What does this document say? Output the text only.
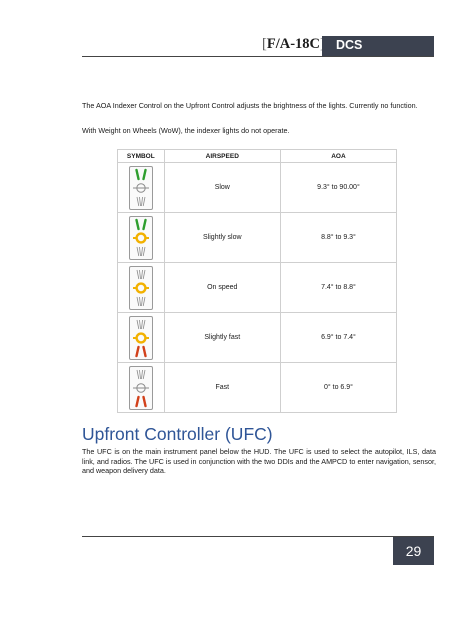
[F/A-18C	DCS
The AOA Indexer Control on the Upfront Control adjusts the brightness of the lights. Currently no function.
With Weight on Wheels (WoW), the indexer lights do not operate.
SYMBOL	AIRSPEED	AOA

	Slow	9.3° to 90.00°

	Slightly slow	8.8° to 9.3°

	On speed	7.4° to 8.8°

	Slightly fast	6.9° to 7.4°

	Fast	0° to 6.9°
Upfront Controller (UFC)
The UFC is on the main instrument panel below the HUD. The UFC is used to select the autopilot, ILS, data link, and radios. The UFC is used in conjunction with the two DDIs and the AMPCD to enter navigation, sensor, and weapon delivery data.
29
